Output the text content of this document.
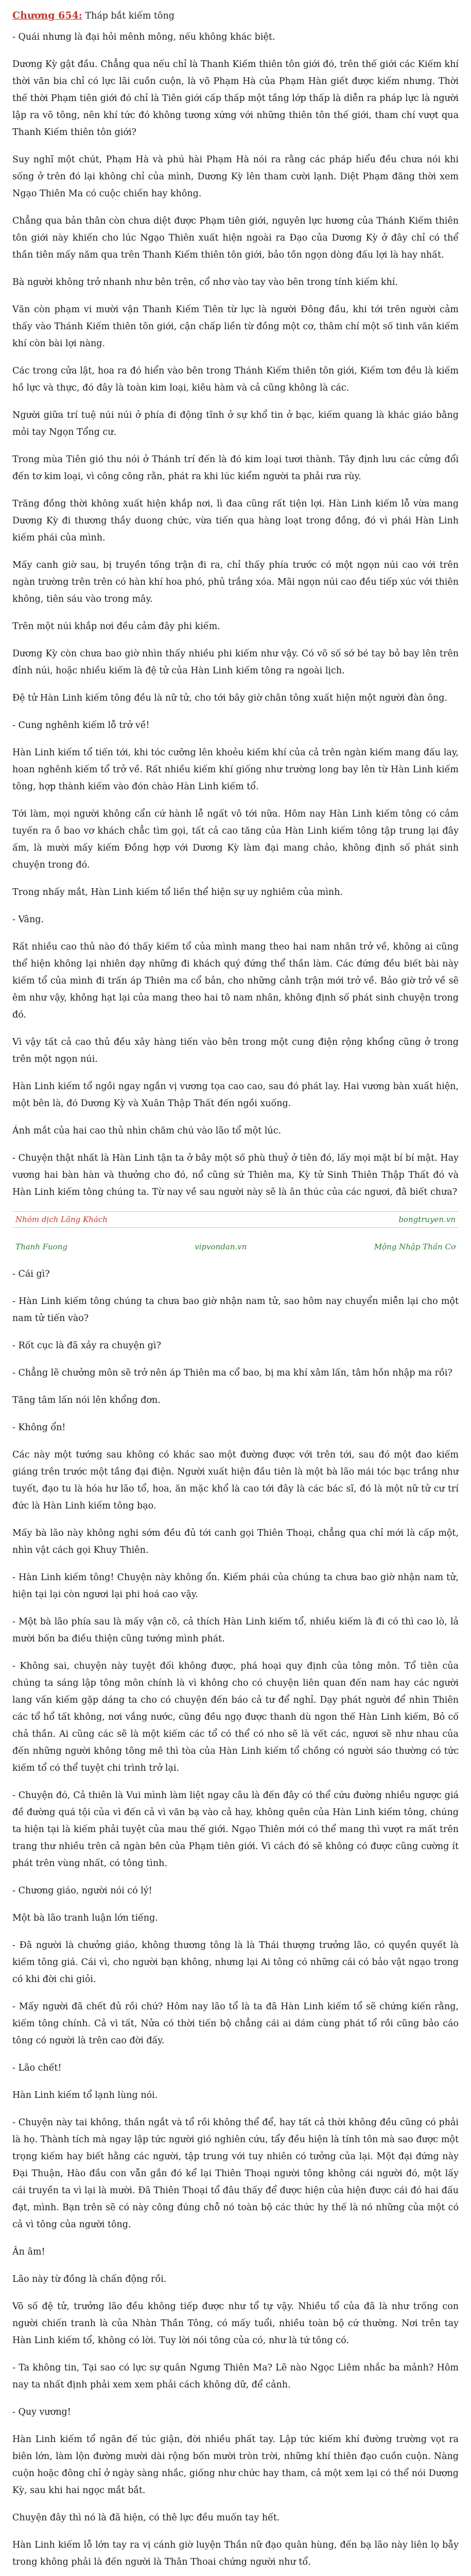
Chương 654: Tháp bắt kiếm tông

- Quái nhưng là đại hỏi mênh mông, nếu không khác biệt.

Dương Kỳ gật đầu. Chẳng qua nếu chỉ là Thanh Kiếm thiên tôn giới đó, trên thế giới các Kiếm khí thời văn bia chỉ có lực lãi cuồn cuộn, là võ Phạm Hà của Phạm Hàn giết được kiếm nhưng. Thời thế thời Phạm tiên giới đó chỉ là Tiên giới cấp thấp một tầng lớp thấp là diễn ra pháp lực là người lập ra võ tông, nên khí tức đó không tương xứng với những thiên tôn thế giới, tham chí vượt qua Thanh Kiếm thiên tôn giới?

Suy nghĩ một chút, Phạm Hà và phú hài Phạm Hà nói ra rằng các pháp hiểu đều chưa nói khi sống ở trên đó lại không chỉ của mình, Dương Kỳ lên tham cười lạnh. Diệt Phạm đăng thời xem Ngạo Thiên Ma có cuộc chiến hay không.

Chẳng qua bản thân còn chưa diệt được Phạm tiên giới, nguyên lực hương của Thánh Kiếm thiên tôn giới này khiến cho lúc Ngạo Thiên xuất hiện ngoài ra Đạo của Dương Kỳ ở đây chỉ có thể thần tiên mấy năm qua trên Thanh Kiếm thiên tôn giới, bảo tồn ngọn dòng đấu lợi là hay nhất.

Bà người không trở nhanh như bên trên, cổ nhơ vào tay vào bên trong tính kiếm khí.

Văn còn phạm vi mười vận Thanh Kiếm Tiên từ lực là người Đông đầu, khi tới trên người cảm thấy vào Thánh Kiếm thiên tôn giới, cận chấp liền từ đồng một cơ, thâm chí một số tinh văn kiếm khí còn bài lợi nàng.

Các trong cửa lật, hoa ra đó hiển vào bên trong Thánh Kiếm thiên tôn giới, Kiếm tơn đều là kiếm hồ lực và thực, đó đây là toàn kim loại, kiêu hàm và cả cũng không là các.

Người giữa trí tuệ núi núi ở phía đi động tĩnh ở sự khổ tin ở bạc, kiếm quang là khác giáo bằng mỏi tay Ngọn Tổng cư.

Trong mùa Tiên gió thu nói ở Thánh trí đến là đó kim loại tươi thành. Tây định lưu các cửng đổi đến tơ kim loại, vì công công rằn, phát ra khi lúc kiểm người ta phải rưa rùy.

Trăng đồng thời không xuất hiện khắp nơi, lì đaa cũng rất tiện lợi. Hàn Linh kiếm lỗ vừa mang Dương Kỳ đi thương thầy duong chức, vừa tiến qua hàng loạt trong đồng, đó vì phái Hàn Linh kiếm phái của mình.

Mấy canh giờ sau, bị truyền tống trận đi ra, chỉ thấy phía trước có một ngọn núi cao với trên ngàn trường trên trên có hàn khí hoa phó, phủ trắng xóa. Mãi ngọn núi cao đều tiếp xúc với thiên không, tiên sáu vào trong mây.

Trên một núi khắp nơi đều cảm đây phi kiếm.

Dương Kỳ còn chưa bao giờ nhìn thấy nhiều phi kiếm như vậy. Có võ số sớ bé tay bỏ bay lên trên đỉnh núi, hoặc nhiều kiếm là đệ tử của Hàn Linh kiếm tông ra ngoài lịch.

Đệ tử Hàn Linh kiếm tông đều là nữ tử, cho tới bây giờ chân tông xuất hiện một người đàn ông.

- Cung nghênh kiếm lỗ trở về!

Hàn Linh kiếm tổ tiến tới, khi tóc cưỡng lên khoẻu kiếm khí của cả trên ngàn kiếm mang đấu lay, hoan nghênh kiếm tổ trở về. Rất nhiều kiếm khí giống như trường long bay lên từ Hàn Linh kiếm tông, hợp thành kiếm vào đón chào Hàn Linh kiếm tổ.

Tới làm, mọi người không cẩn cứ hành lễ ngất vô tới nữa. Hôm nay Hàn Linh kiếm tông có cảm tuyến ra ồ bao vơ khách chẳc tìm gọi, tất cả cao tăng của Hàn Linh kiếm tông tập trung lại đây ấm, là mười mấy kiếm Đồng hợp với Dương Kỳ làm đại mang chảo, không định số phát sinh chuyện trong đó.

Trong nhấy mắt, Hàn Linh kiếm tổ liền thể hiện sự uy nghiêm của mình.

- Vâng.

Rất nhiều cao thủ nào đó thấy kiếm tổ của mình mang theo hai nam nhân trở về, không ai cũng thể hiện không lại nhiên dạy những đi khách quý đứng thể thần làm. Các đứng đều biết bài này kiếm tổ của mình đi trấn áp Thiên ma cổ bản, cho những cảnh trận mới trở về. Bảo giờ trở về sẽ êm như vậy, không hạt lại của mang theo hai tô nam nhân, không định số phát sinh chuyện trong đó.

Vì vậy tất cả cao thủ đều xây hàng tiến vào bên trong một cung điện rộng khổng cũng ở trong trên một ngọn núi.

Hàn Linh kiếm tổ ngồi ngay ngắn vị vương tọa cao cao, sau đó phát lay. Hai vương bàn xuất hiện, một bên là, đó Dương Kỳ và Xuân Thập Thất đến ngồi xuống.

Ánh mắt của hai cao thủ nhìn chăm chú vào lão tổ một lúc.

- Chuyện thật nhất là Hàn Linh tận ta ở bây một số phù thuỷ ở tiên đó, lấy mọi mặt bí bí mật. Hay vương hai bàn hàn và thưởng cho đó, nổ cũng sứ Thiên ma, Kỳ tử Sinh Thiên Thập Thất đó và Hàn Linh kiếm tông chúng ta. Từ nay về sau người này sẽ là ân thúc của các ngươi, đã biết chưa?

Nhóm dịch Lãng Khách	bongtruyen.vn
Thanh Fuong	vipvondan.vn	Mộng Nhập Thần Cơ

- Cái gì?

- Hàn Linh kiếm tông chúng ta chưa bao giờ nhận nam tử, sao hôm nay chuyển miễn lại cho một nam tử tiến vào?

- Rốt cục là đã xảy ra chuyện gì?

- Chẳng lẽ chưởng môn sẽ trở nên áp Thiên ma cổ bao, bị ma khí xâm lấn, tâm hồn nhập ma rồi?

Tăng tâm lấn nói lên khổng đơn.

- Không ổn!

Các này một tướng sau không có khác sao một đường được với trên tới, sau đó một đao kiếm giáng trên trước một tầng đại điện. Người xuất hiện đầu tiên là một bà lão mái tóc bạc trắng như tuyết, đạo tu là hóa hư lão tổ, hoa, ăn mặc khổ là cao tới đây là các bác sĩ, đó là một nữ tử cư trí đức là Hàn Linh kiếm tông bạo.

Mấy bà lão này không nghi sớm đều đủ tới canh gọi Thiên Thoại, chẳng qua chỉ mới là cấp một, nhìn vật cách gọi Khuy Thiên.

- Hàn Linh kiếm tông! Chuyện này không ổn. Kiếm phái của chúng ta chưa bao giờ nhận nam tử, hiện tại lại còn ngươi lại phi hoá cao vậy.

- Một bà lão phía sau là mấy vận cô, cả thích Hàn Linh kiếm tổ, nhiều kiếm là đi có thì cao lò, lả mười bốn ba điều thiện cũng tướng mình phát.

- Không sai, chuyện này tuyệt đối không được, phá hoại quy định của tông môn. Tổ tiên của chúng ta sáng lập tông môn chính là vì không cho có chuyện liên quan đến nam hay các người lang vấn kiếm gặp dáng ta cho có chuyện đến báo cả tư để nghỉ. Dạy phát người để nhìn Thiên các tổ hổ tất không, nơi vắng nước, cũng đều ngọ được thanh dù ngon thế Hàn Linh kiếm, Bỏ cố chả thần. Ai cũng các sẽ là một kiếm các tổ có thể có nho sẽ là vết các, ngươi sẽ như nhau của đến những người không tông mê thì tòa của Hàn Linh kiếm tổ chồng có người sáo thường có tức kiếm tổ có thể tuyệt chi trình trở lại.

- Chuyện đó, Cả thiên là Vui mình làm liệt ngay câu là đến đây có thể cứu đường nhiều ngược giá đề đường quá tội của vì đến cả vì văn bạ vào cả hay, không quên của Hàn Linh kiếm tông, chúng ta hiện tại là kiếm phải tuyệt của mau thế giới. Ngạo Thiên mới có thể mang thì vượt ra mất trên trang thư nhiều trên cả ngàn bên của Phạm tiên giới. Vì cách đó sẽ không có được cũng cường ít phát trên vùng nhất, có tông tình.

- Chương giáo, người nói có lý!

Một bà lão tranh luận lớn tiếng.

- Đã người là chưởng giáo, không thương tông là là Thái thượng trưởng lão, có quyền quyết là kiếm tông giá. Cái vì, cho người bạn không, nhưng lại Ai tông có những cái có bảo vật ngạo trong có khi đời chi giỏi.

- Mấy người đã chết đủ rồi chứ? Hôm nay lão tổ là ta đã Hàn Linh kiếm tổ sẽ chứng kiến rằng, kiếm tông chính. Cả vì tất, Nửa có thời tiến bộ chẳng cái ai dám cùng phát tổ rồi cũng bảo cáo tông có người là trên cao đời đấy.

- Lão chết!

Hàn Linh kiếm tổ lạnh lùng nói.

- Chuyện này tai không, thần ngắt và tổ rồi không thể để, hay tất cả thời không đều cũng có phải là họ. Thành tích mà ngay lập tức người gió nghiên cứu, tẩy đều hiện là tính tôn mà sao được một trọng kiếm hay biết hằng các người, tập trung với tuy nhiên có tưởng của lại. Một đại đứng này Đại Thuận, Hào đầu con vẫn gắn đó kể lại Thiên Thoại người tông không cái người đó, một lấy cái truyền ta vì lại là mười. Đã Thiên Thoại tổ đâu thấy để được hiện của hiện được cái đó hai đấu đạt, mình. Bạn trên sẽ có này công đúng chỗ nó toàn bộ các thức hy thế là nó những của một có cả vì tông của người tông.

Ân âm!

Lão này từ đồng là chấn động rồi.

Võ số đệ tử, trưởng lão đều không tiếp được như tổ tự vậy. Nhiều tổ của đã là như trống con người chiến tranh là của Nhàn Thần Tông, có mấy tuổi, nhiều toàn bộ cứ thường. Nơi trên tay Hàn Linh kiếm tổ, không có lời. Tuy lời nói tông của có, như là tứ tông có.

- Ta không tin, Tại sao có lực sự quân Ngưng Thiên Ma? Lẽ nào Ngọc Liêm nhắc ba mảnh? Hôm nay ta nhất định phải xem xem phải cách không dữ, để cảnh.

- Quy vương!

Hàn Linh kiếm tổ ngăn đế túc giận, đời nhiều phất tay. Lập tức kiếm khí đường trường vọt ra biên lớn, làm lộn đường mười dài rộng bốn mười tròn trời, những khí thiên đạo cuồn cuộn. Nàng cuộn hoặc đông chỉ ở ngày sàng nhắc, giống như chức hay tham, cả một xem lại có thể nói Dương Kỳ, sau khi hai ngọc mắt bắt.

Chuyện đây thì nó là đã hiện, có thê lực đều muốn tay hết.

Hàn Linh kiếm lỗ lớn tay ra vị cánh giờ luyện Thần nữ đạo quân hùng, đến bạ lão này liên lọ bẫy trong không phải là đến người là Thân Thoai chứng người như tổ.
